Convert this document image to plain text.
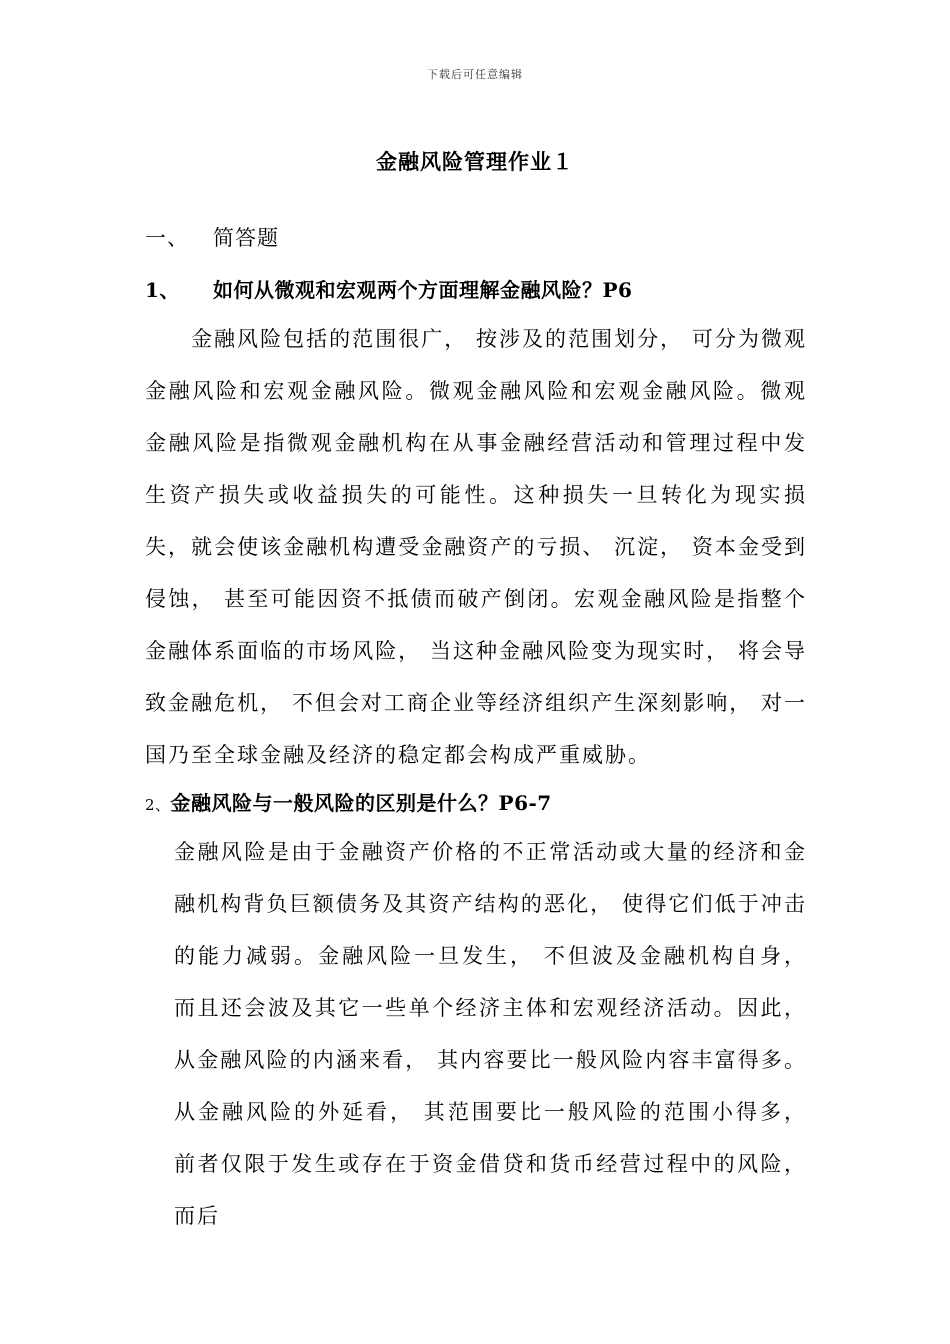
下载后可任意编辑
金融风险管理作业１
一、 简答题
1、 如何从微观和宏观两个方面理解金融风险？P6
金融风险包括的范围很广， 按涉及的范围划分， 可分为微观金融风险和宏观金融风险。微观金融风险和宏观金融风险。微观金融风险是指微观金融机构在从事金融经营活动和管理过程中发生资产损失或收益损失的可能性。这种损失一旦转化为现实损失，就会使该金融机构遭受金融资产的亏损、 沉淀， 资本金受到侵蚀， 甚至可能因资不抵债而破产倒闭。宏观金融风险是指整个金融体系面临的市场风险， 当这种金融风险变为现实时， 将会导致金融危机， 不但会对工商企业等经济组织产生深刻影响， 对一国乃至全球金融及经济的稳定都会构成严重威胁。
2、金融风险与一般风险的区别是什么？P6-7
金融风险是由于金融资产价格的不正常活动或大量的经济和金融机构背负巨额债务及其资产结构的恶化， 使得它们低于冲击的能力减弱。金融风险一旦发生， 不但波及金融机构自身， 而且还会波及其它一些单个经济主体和宏观经济活动。因此， 从金融风险的内涵来看， 其内容要比一般风险内容丰富得多。从金融风险的外延看， 其范围要比一般风险的范围小得多， 前者仅限于发生或存在于资金借贷和货币经营过程中的风险， 而后
